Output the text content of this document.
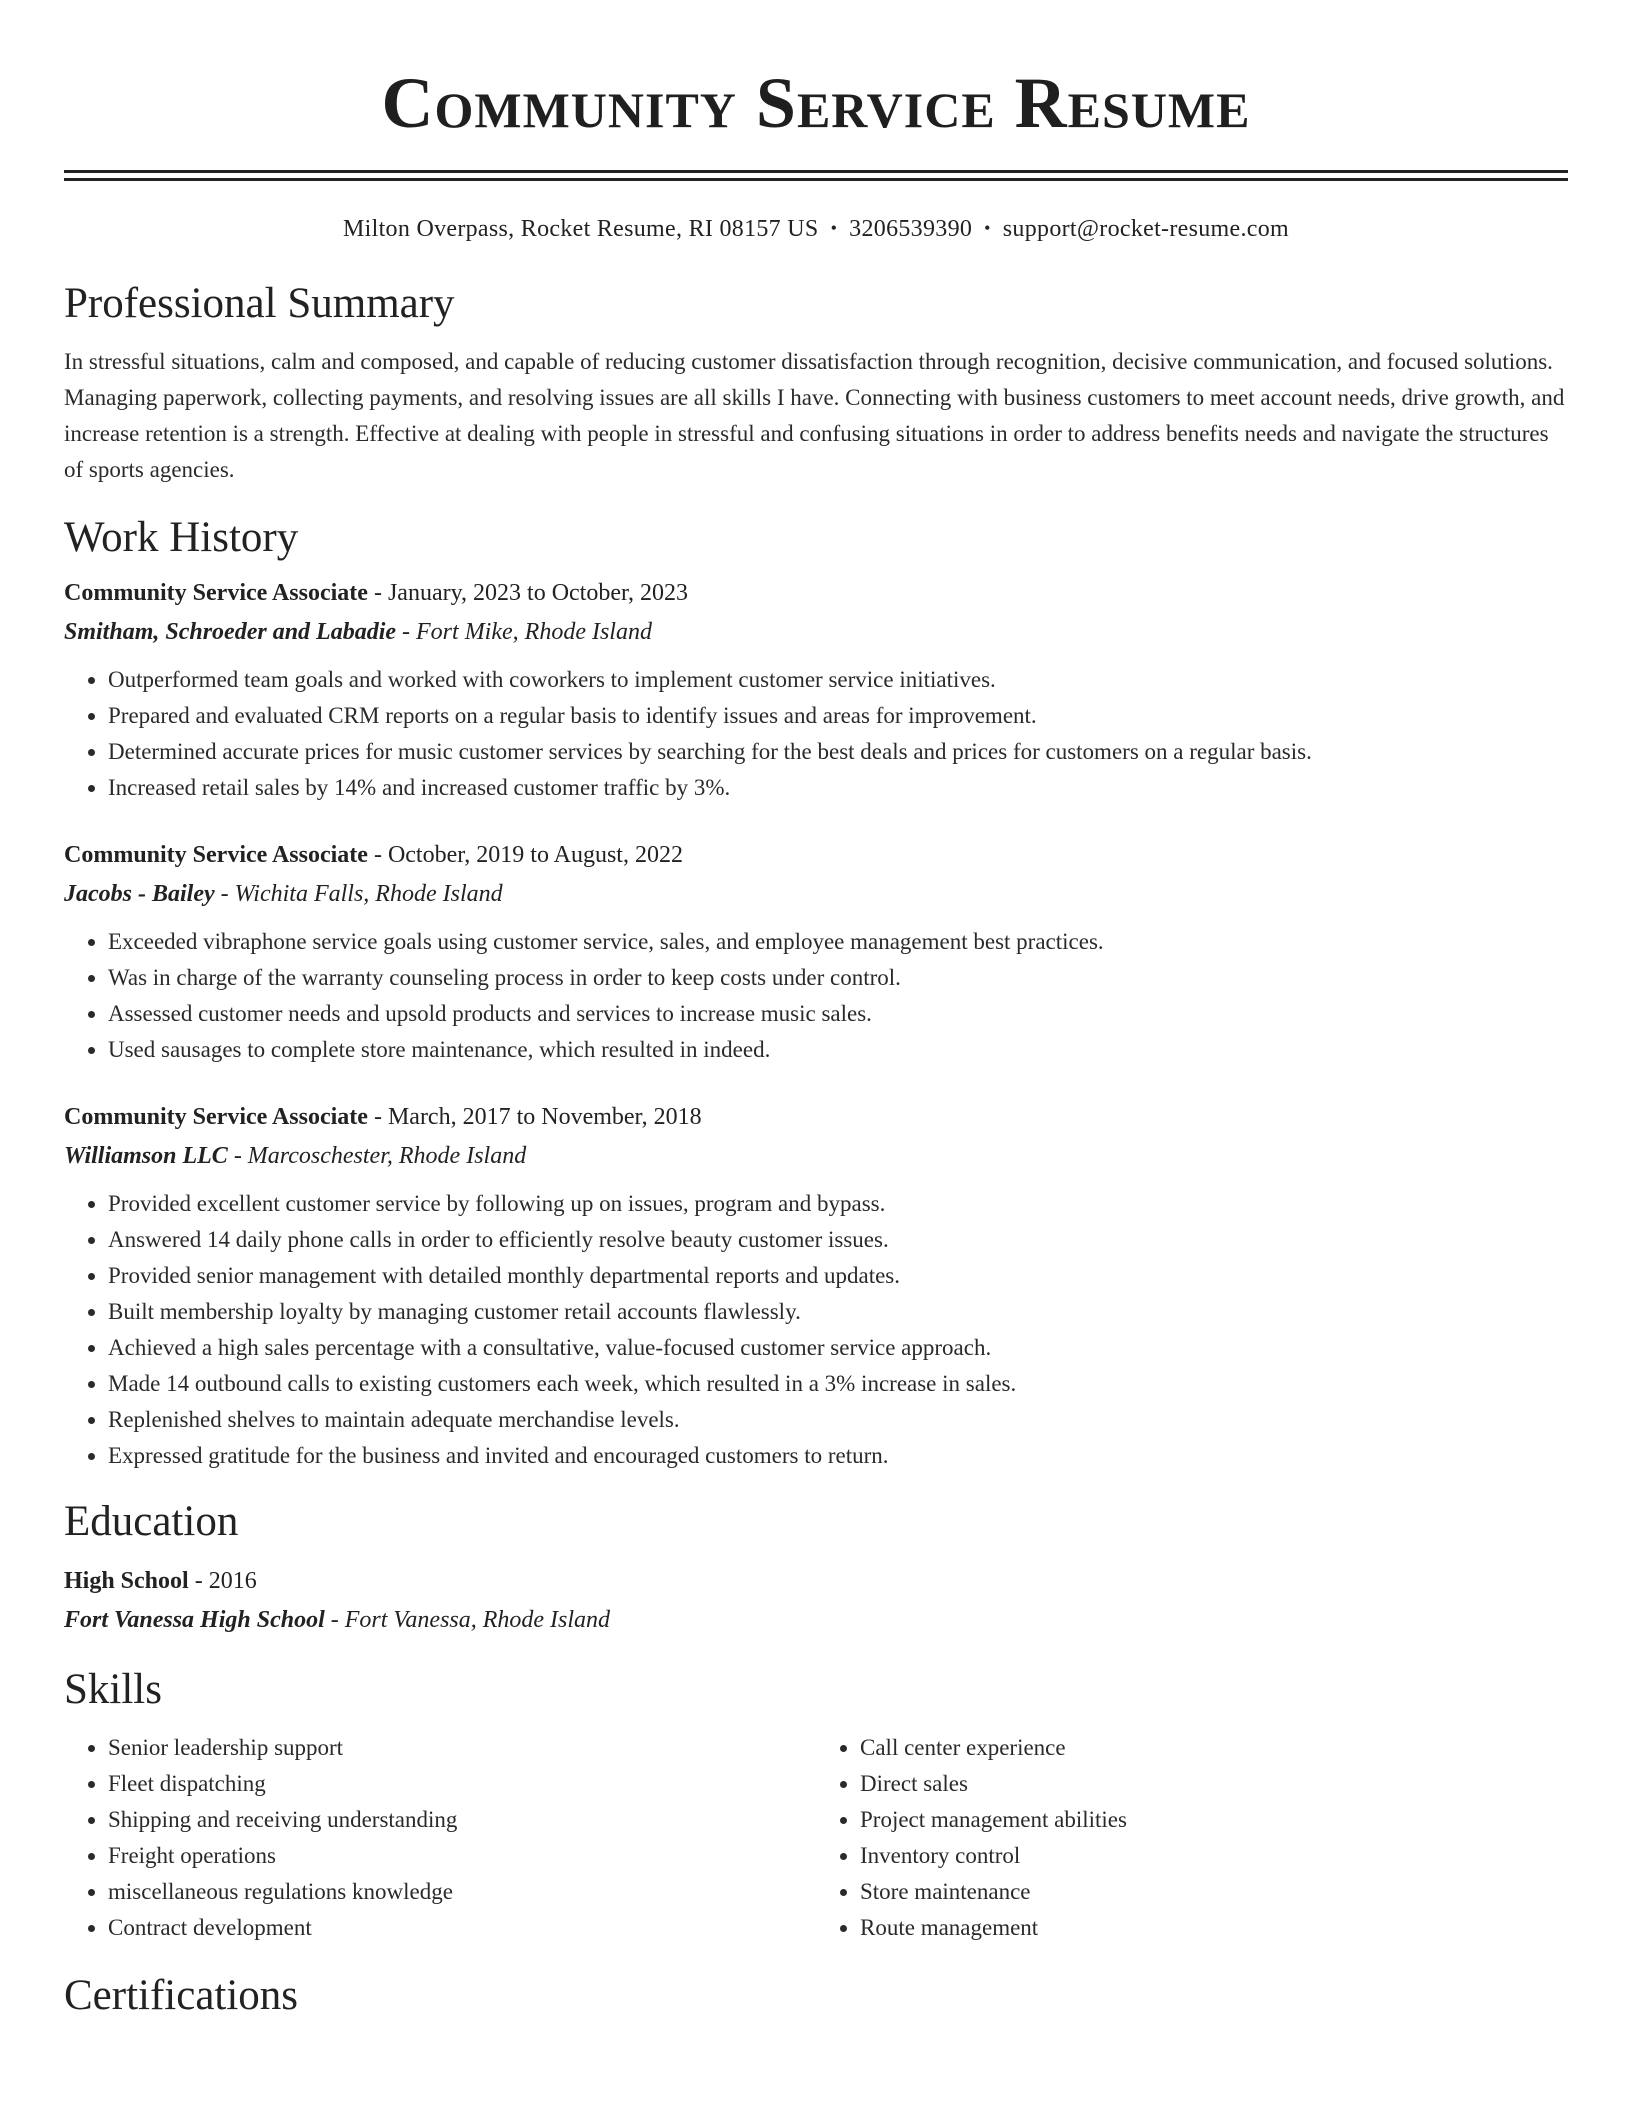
Community Service Resume
Milton Overpass, Rocket Resume, RI 08157 US • 3206539390 • support@rocket-resume.com
Professional Summary

In stressful situations, calm and composed, and capable of reducing customer dissatisfaction through recognition, decisive communication, and focused solutions. Managing paperwork, collecting payments, and resolving issues are all skills I have. Connecting with business customers to meet account needs, drive growth, and increase retention is a strength. Effective at dealing with people in stressful and confusing situations in order to address benefits needs and navigate the structures of sports agencies.

Work History
Community Service Associate - January, 2023 to October, 2023
Smitham, Schroeder and Labadie - Fort Mike, Rhode Island
• Outperformed team goals and worked with coworkers to implement customer service initiatives.
• Prepared and evaluated CRM reports on a regular basis to identify issues and areas for improvement.
• Determined accurate prices for music customer services by searching for the best deals and prices for customers on a regular basis.
• Increased retail sales by 14% and increased customer traffic by 3%.
Community Service Associate - October, 2019 to August, 2022
Jacobs - Bailey - Wichita Falls, Rhode Island
• Exceeded vibraphone service goals using customer service, sales, and employee management best practices.
• Was in charge of the warranty counseling process in order to keep costs under control.
• Assessed customer needs and upsold products and services to increase music sales.
• Used sausages to complete store maintenance, which resulted in indeed.
Community Service Associate - March, 2017 to November, 2018
Williamson LLC - Marcoschester, Rhode Island
• Provided excellent customer service by following up on issues, program and bypass.
• Answered 14 daily phone calls in order to efficiently resolve beauty customer issues.
• Provided senior management with detailed monthly departmental reports and updates.
• Built membership loyalty by managing customer retail accounts flawlessly.
• Achieved a high sales percentage with a consultative, value-focused customer service approach.
• Made 14 outbound calls to existing customers each week, which resulted in a 3% increase in sales.
• Replenished shelves to maintain adequate merchandise levels.
• Expressed gratitude for the business and invited and encouraged customers to return.
Education
High School - 2016
Fort Vanessa High School - Fort Vanessa, Rhode Island
Skills
• Senior leadership support
• Fleet dispatching
• Shipping and receiving understanding
• Freight operations
• miscellaneous regulations knowledge
• Contract development
• Call center experience
• Direct sales
• Project management abilities
• Inventory control
• Store maintenance
• Route management
Certifications
